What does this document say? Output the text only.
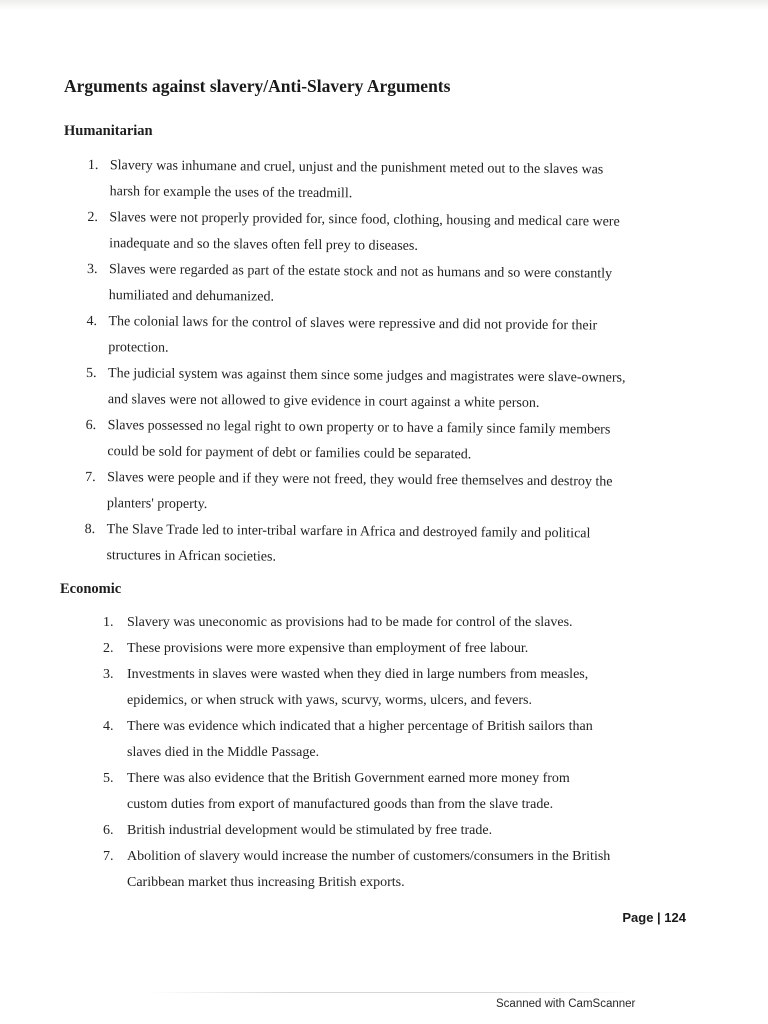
Arguments against slavery/Anti-Slavery Arguments
Humanitarian
1. Slavery was inhumane and cruel, unjust and the punishment meted out to the slaves was
harsh for example the uses of the treadmill.
2. Slaves were not properly provided for, since food, clothing, housing and medical care were
inadequate and so the slaves often fell prey to diseases.
3. Slaves were regarded as part of the estate stock and not as humans and so were constantly
humiliated and dehumanized.
4. The colonial laws for the control of slaves were repressive and did not provide for their
protection.
5. The judicial system was against them since some judges and magistrates were slave-owners,
and slaves were not allowed to give evidence in court against a white person.
6. Slaves possessed no legal right to own property or to have a family since family members
could be sold for payment of debt or families could be separated.
7. Slaves were people and if they were not freed, they would free themselves and destroy the
planters' property.
8. The Slave Trade led to inter-tribal warfare in Africa and destroyed family and political
structures in African societies.
Economic
1. Slavery was uneconomic as provisions had to be made for control of the slaves.
2. These provisions were more expensive than employment of free labour.
3. Investments in slaves were wasted when they died in large numbers from measles,
epidemics, or when struck with yaws, scurvy, worms, ulcers, and fevers.
4. There was evidence which indicated that a higher percentage of British sailors than
slaves died in the Middle Passage.
5. There was also evidence that the British Government earned more money from
custom duties from export of manufactured goods than from the slave trade.
6. British industrial development would be stimulated by free trade.
7. Abolition of slavery would increase the number of customers/consumers in the British
Caribbean market thus increasing British exports.
Page | 124
Scanned with CamScanner
